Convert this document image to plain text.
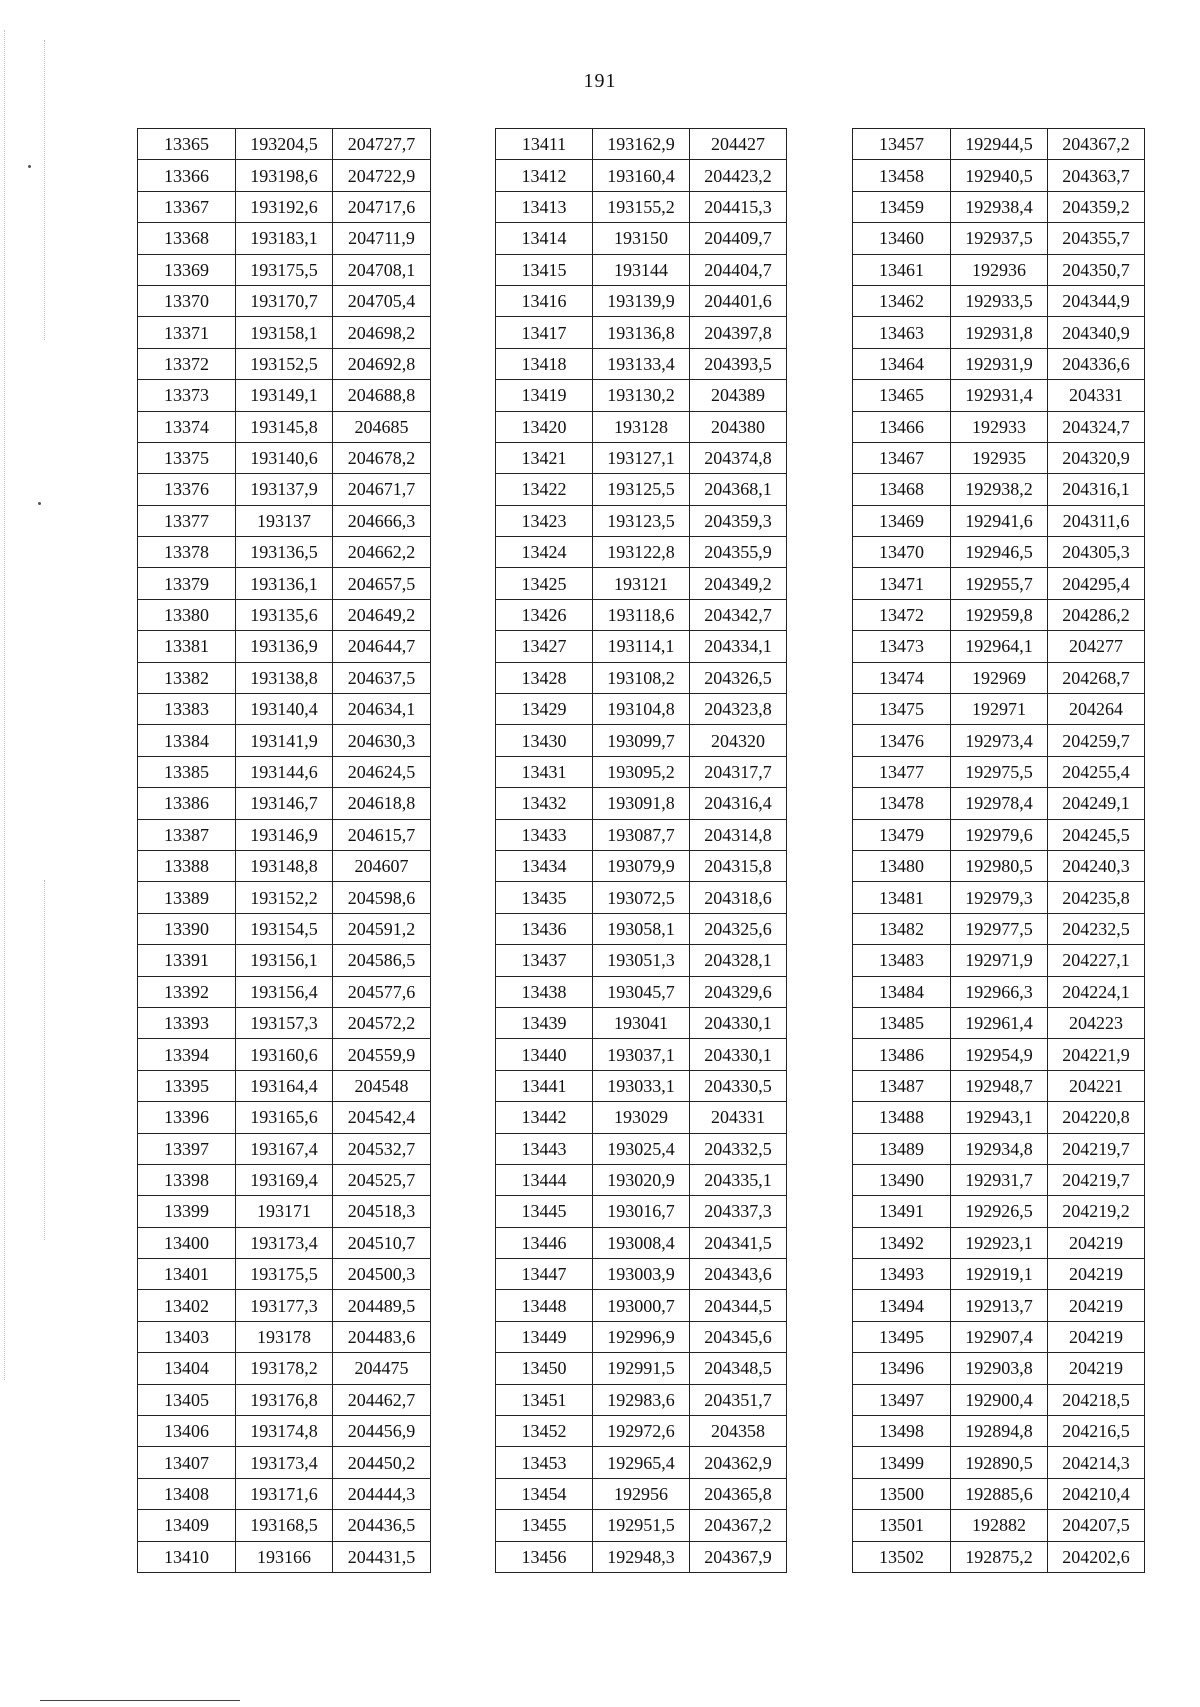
191
13365	193204,5	204727,7
13366	193198,6	204722,9
13367	193192,6	204717,6
13368	193183,1	204711,9
13369	193175,5	204708,1
13370	193170,7	204705,4
13371	193158,1	204698,2
13372	193152,5	204692,8
13373	193149,1	204688,8
13374	193145,8	204685
13375	193140,6	204678,2
13376	193137,9	204671,7
13377	193137	204666,3
13378	193136,5	204662,2
13379	193136,1	204657,5
13380	193135,6	204649,2
13381	193136,9	204644,7
13382	193138,8	204637,5
13383	193140,4	204634,1
13384	193141,9	204630,3
13385	193144,6	204624,5
13386	193146,7	204618,8
13387	193146,9	204615,7
13388	193148,8	204607
13389	193152,2	204598,6
13390	193154,5	204591,2
13391	193156,1	204586,5
13392	193156,4	204577,6
13393	193157,3	204572,2
13394	193160,6	204559,9
13395	193164,4	204548
13396	193165,6	204542,4
13397	193167,4	204532,7
13398	193169,4	204525,7
13399	193171	204518,3
13400	193173,4	204510,7
13401	193175,5	204500,3
13402	193177,3	204489,5
13403	193178	204483,6
13404	193178,2	204475
13405	193176,8	204462,7
13406	193174,8	204456,9
13407	193173,4	204450,2
13408	193171,6	204444,3
13409	193168,5	204436,5
13410	193166	204431,5
13411	193162,9	204427
13412	193160,4	204423,2
13413	193155,2	204415,3
13414	193150	204409,7
13415	193144	204404,7
13416	193139,9	204401,6
13417	193136,8	204397,8
13418	193133,4	204393,5
13419	193130,2	204389
13420	193128	204380
13421	193127,1	204374,8
13422	193125,5	204368,1
13423	193123,5	204359,3
13424	193122,8	204355,9
13425	193121	204349,2
13426	193118,6	204342,7
13427	193114,1	204334,1
13428	193108,2	204326,5
13429	193104,8	204323,8
13430	193099,7	204320
13431	193095,2	204317,7
13432	193091,8	204316,4
13433	193087,7	204314,8
13434	193079,9	204315,8
13435	193072,5	204318,6
13436	193058,1	204325,6
13437	193051,3	204328,1
13438	193045,7	204329,6
13439	193041	204330,1
13440	193037,1	204330,1
13441	193033,1	204330,5
13442	193029	204331
13443	193025,4	204332,5
13444	193020,9	204335,1
13445	193016,7	204337,3
13446	193008,4	204341,5
13447	193003,9	204343,6
13448	193000,7	204344,5
13449	192996,9	204345,6
13450	192991,5	204348,5
13451	192983,6	204351,7
13452	192972,6	204358
13453	192965,4	204362,9
13454	192956	204365,8
13455	192951,5	204367,2
13456	192948,3	204367,9
13457	192944,5	204367,2
13458	192940,5	204363,7
13459	192938,4	204359,2
13460	192937,5	204355,7
13461	192936	204350,7
13462	192933,5	204344,9
13463	192931,8	204340,9
13464	192931,9	204336,6
13465	192931,4	204331
13466	192933	204324,7
13467	192935	204320,9
13468	192938,2	204316,1
13469	192941,6	204311,6
13470	192946,5	204305,3
13471	192955,7	204295,4
13472	192959,8	204286,2
13473	192964,1	204277
13474	192969	204268,7
13475	192971	204264
13476	192973,4	204259,7
13477	192975,5	204255,4
13478	192978,4	204249,1
13479	192979,6	204245,5
13480	192980,5	204240,3
13481	192979,3	204235,8
13482	192977,5	204232,5
13483	192971,9	204227,1
13484	192966,3	204224,1
13485	192961,4	204223
13486	192954,9	204221,9
13487	192948,7	204221
13488	192943,1	204220,8
13489	192934,8	204219,7
13490	192931,7	204219,7
13491	192926,5	204219,2
13492	192923,1	204219
13493	192919,1	204219
13494	192913,7	204219
13495	192907,4	204219
13496	192903,8	204219
13497	192900,4	204218,5
13498	192894,8	204216,5
13499	192890,5	204214,3
13500	192885,6	204210,4
13501	192882	204207,5
13502	192875,2	204202,6
